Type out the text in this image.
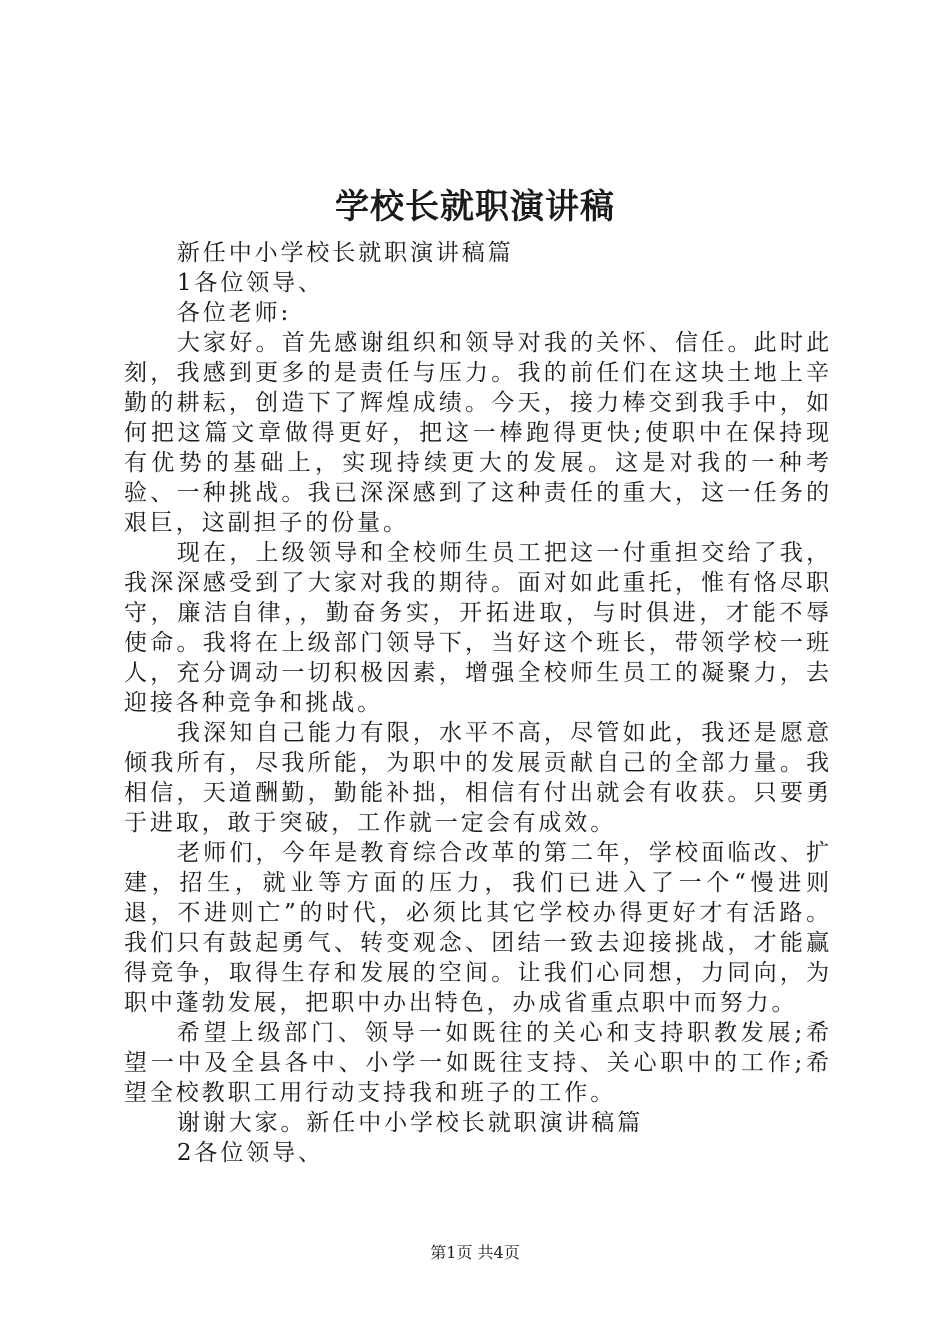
学校长就职演讲稿

新任中小学校长就职演讲稿篇

1各位领导、

各位老师:

大家好。首先感谢组织和领导对我的关怀、信任。此时此刻，我感到更多的是责任与压力。我的前任们在这块土地上辛勤的耕耘，创造下了辉煌成绩。今天，接力棒交到我手中，如何把这篇文章做得更好，把这一棒跑得更快;使职中在保持现有优势的基础上，实现持续更大的发展。这是对我的一种考验、一种挑战。我已深深感到了这种责任的重大，这一任务的艰巨，这副担子的份量。

现在，上级领导和全校师生员工把这一付重担交给了我，我深深感受到了大家对我的期待。面对如此重托，惟有恪尽职守，廉洁自律，，勤奋务实，开拓进取，与时俱进，才能不辱使命。我将在上级部门领导下，当好这个班长，带领学校一班人，充分调动一切积极因素，增强全校师生员工的凝聚力，去迎接各种竞争和挑战。

我深知自己能力有限，水平不高，尽管如此，我还是愿意倾我所有，尽我所能，为职中的发展贡献自己的全部力量。我相信，天道酬勤，勤能补拙，相信有付出就会有收获。只要勇于进取，敢于突破，工作就一定会有成效。

老师们，今年是教育综合改革的第二年，学校面临改、扩建，招生，就业等方面的压力，我们已进入了一个“慢进则退，不进则亡”的时代，必须比其它学校办得更好才有活路。我们只有鼓起勇气、转变观念、团结一致去迎接挑战，才能赢得竞争，取得生存和发展的空间。让我们心同想，力同向，为职中蓬勃发展，把职中办出特色，办成省重点职中而努力。

希望上级部门、领导一如既往的关心和支持职教发展;希望一中及全县各中、小学一如既往支持、关心职中的工作;希望全校教职工用行动支持我和班子的工作。

谢谢大家。新任中小学校长就职演讲稿篇

2各位领导、

第1页 共4页
